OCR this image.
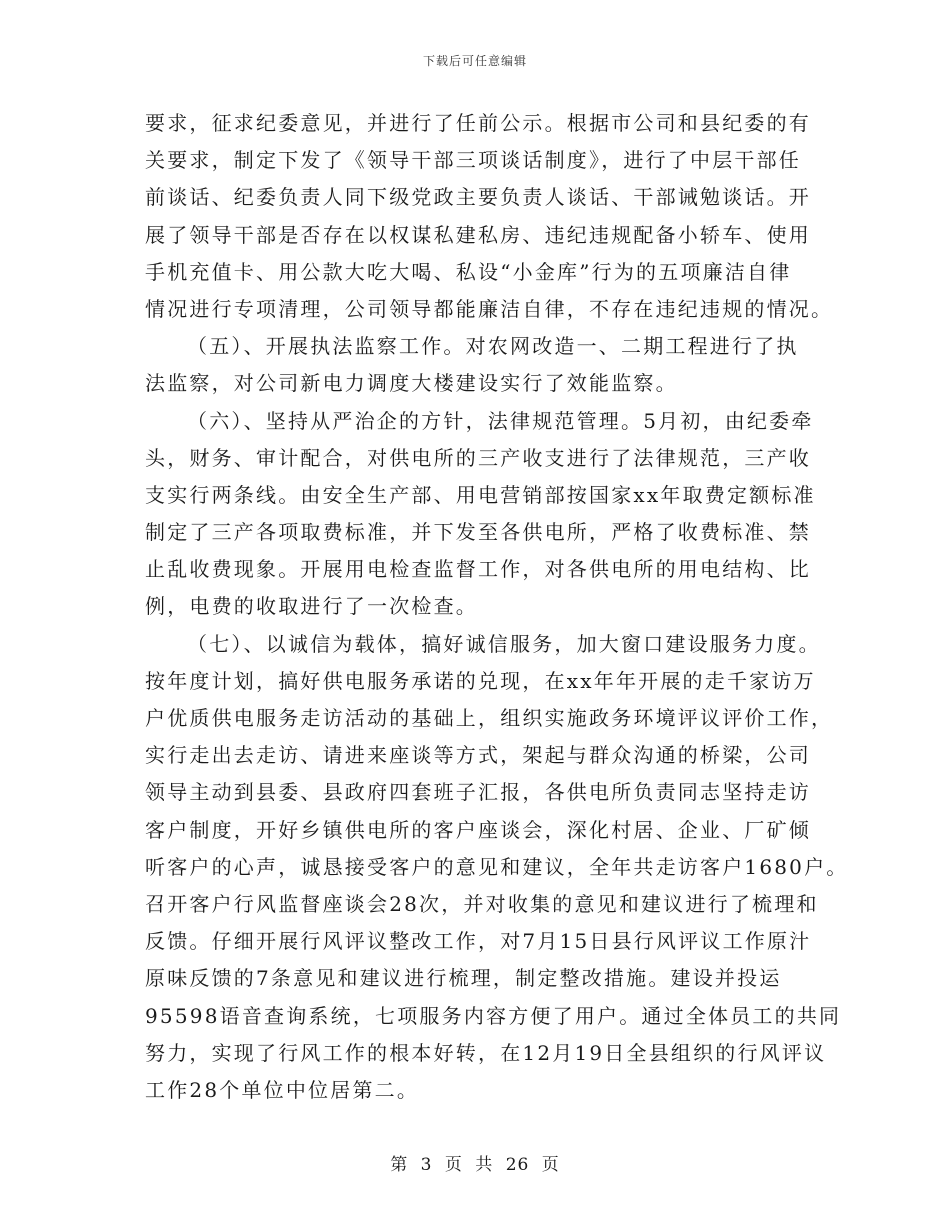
下载后可任意编辑
要求，征求纪委意见，并进行了任前公示。根据市公司和县纪委的有
关要求，制定下发了《领导干部三项谈话制度》，进行了中层干部任
前谈话、纪委负责人同下级党政主要负责人谈话、干部诫勉谈话。开
展了领导干部是否存在以权谋私建私房、违纪违规配备小轿车、使用
手机充值卡、用公款大吃大喝、私设“小金库”行为的五项廉洁自律
情况进行专项清理，公司领导都能廉洁自律，不存在违纪违规的情况。
（五）、开展执法监察工作。对农网改造一、二期工程进行了执
法监察，对公司新电力调度大楼建设实行了效能监察。
（六）、坚持从严治企的方针，法律规范管理。5月初，由纪委牵
头，财务、审计配合，对供电所的三产收支进行了法律规范，三产收
支实行两条线。由安全生产部、用电营销部按国家xx年取费定额标准
制定了三产各项取费标准，并下发至各供电所，严格了收费标准、禁
止乱收费现象。开展用电检查监督工作，对各供电所的用电结构、比
例，电费的收取进行了一次检查。
（七）、以诚信为载体，搞好诚信服务，加大窗口建设服务力度。
按年度计划，搞好供电服务承诺的兑现，在xx年年开展的走千家访万
户优质供电服务走访活动的基础上，组织实施政务环境评议评价工作，
实行走出去走访、请进来座谈等方式，架起与群众沟通的桥梁，公司
领导主动到县委、县政府四套班子汇报，各供电所负责同志坚持走访
客户制度，开好乡镇供电所的客户座谈会，深化村居、企业、厂矿倾
听客户的心声，诚恳接受客户的意见和建议，全年共走访客户1680户。
召开客户行风监督座谈会28次，并对收集的意见和建议进行了梳理和
反馈。仔细开展行风评议整改工作，对7月15日县行风评议工作原汁
原味反馈的7条意见和建议进行梳理，制定整改措施。建设并投运
95598语音查询系统，七项服务内容方便了用户。通过全体员工的共同
努力，实现了行风工作的根本好转，在12月19日全县组织的行风评议
工作28个单位中位居第二。
第 3 页 共 26 页
